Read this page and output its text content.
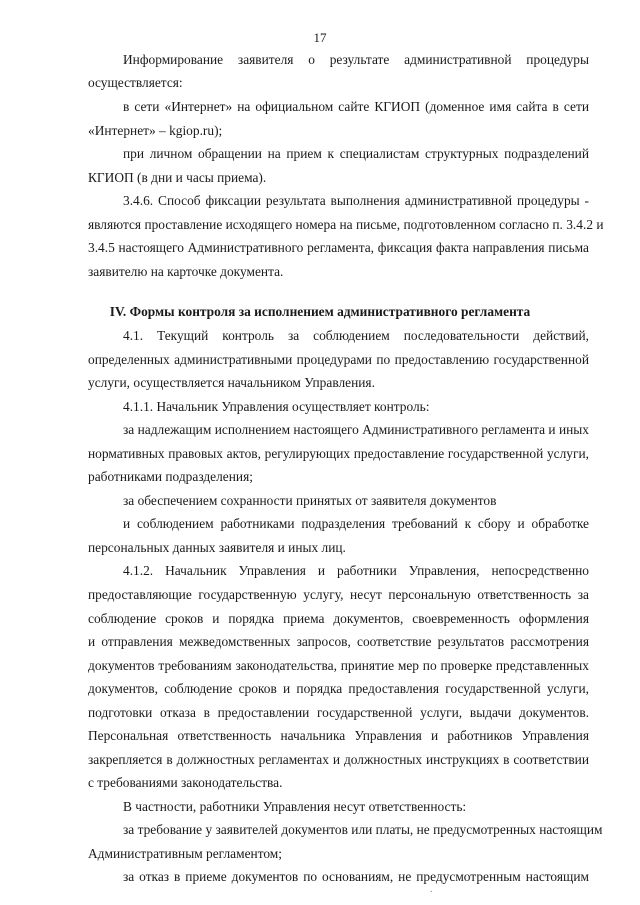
17
Информирование заявителя о результате административной процедуры
осуществляется:
в сети «Интернет» на официальном сайте КГИОП (доменное имя сайта в сети
«Интернет» – kgiop.ru);
при личном обращении на прием к специалистам структурных подразделений
КГИОП (в дни и часы приема).
3.4.6. Способ фиксации результата выполнения административной процедуры -
являются проставление исходящего номера на письме, подготовленном согласно п. 3.4.2 и
3.4.5 настоящего Административного регламента, фиксация факта направления письма
заявителю на карточке документа.
IV. Формы контроля за исполнением административного регламента
4.1. Текущий контроль за соблюдением последовательности действий,
определенных административными процедурами по предоставлению государственной
услуги, осуществляется начальником Управления.
4.1.1. Начальник Управления осуществляет контроль:
за надлежащим исполнением настоящего Административного регламента и иных
нормативных правовых актов, регулирующих предоставление государственной услуги,
работниками подразделения;
за обеспечением сохранности принятых от заявителя документов
и соблюдением работниками подразделения требований к сбору и обработке
персональных данных заявителя и иных лиц.
4.1.2. Начальник Управления и работники Управления, непосредственно
предоставляющие государственную услугу, несут персональную ответственность за
соблюдение сроков и порядка приема документов, своевременность оформления
и отправления межведомственных запросов, соответствие результатов рассмотрения
документов требованиям законодательства, принятие мер по проверке представленных
документов, соблюдение сроков и порядка предоставления государственной услуги,
подготовки отказа в предоставлении государственной услуги, выдачи документов.
Персональная ответственность начальника Управления и работников Управления
закрепляется в должностных регламентах и должностных инструкциях в соответствии
с требованиями законодательства.
В частности, работники Управления несут ответственность:
за требование у заявителей документов или платы, не предусмотренных настоящим
Административным регламентом;
за отказ в приеме документов по основаниям, не предусмотренным настоящим
.
